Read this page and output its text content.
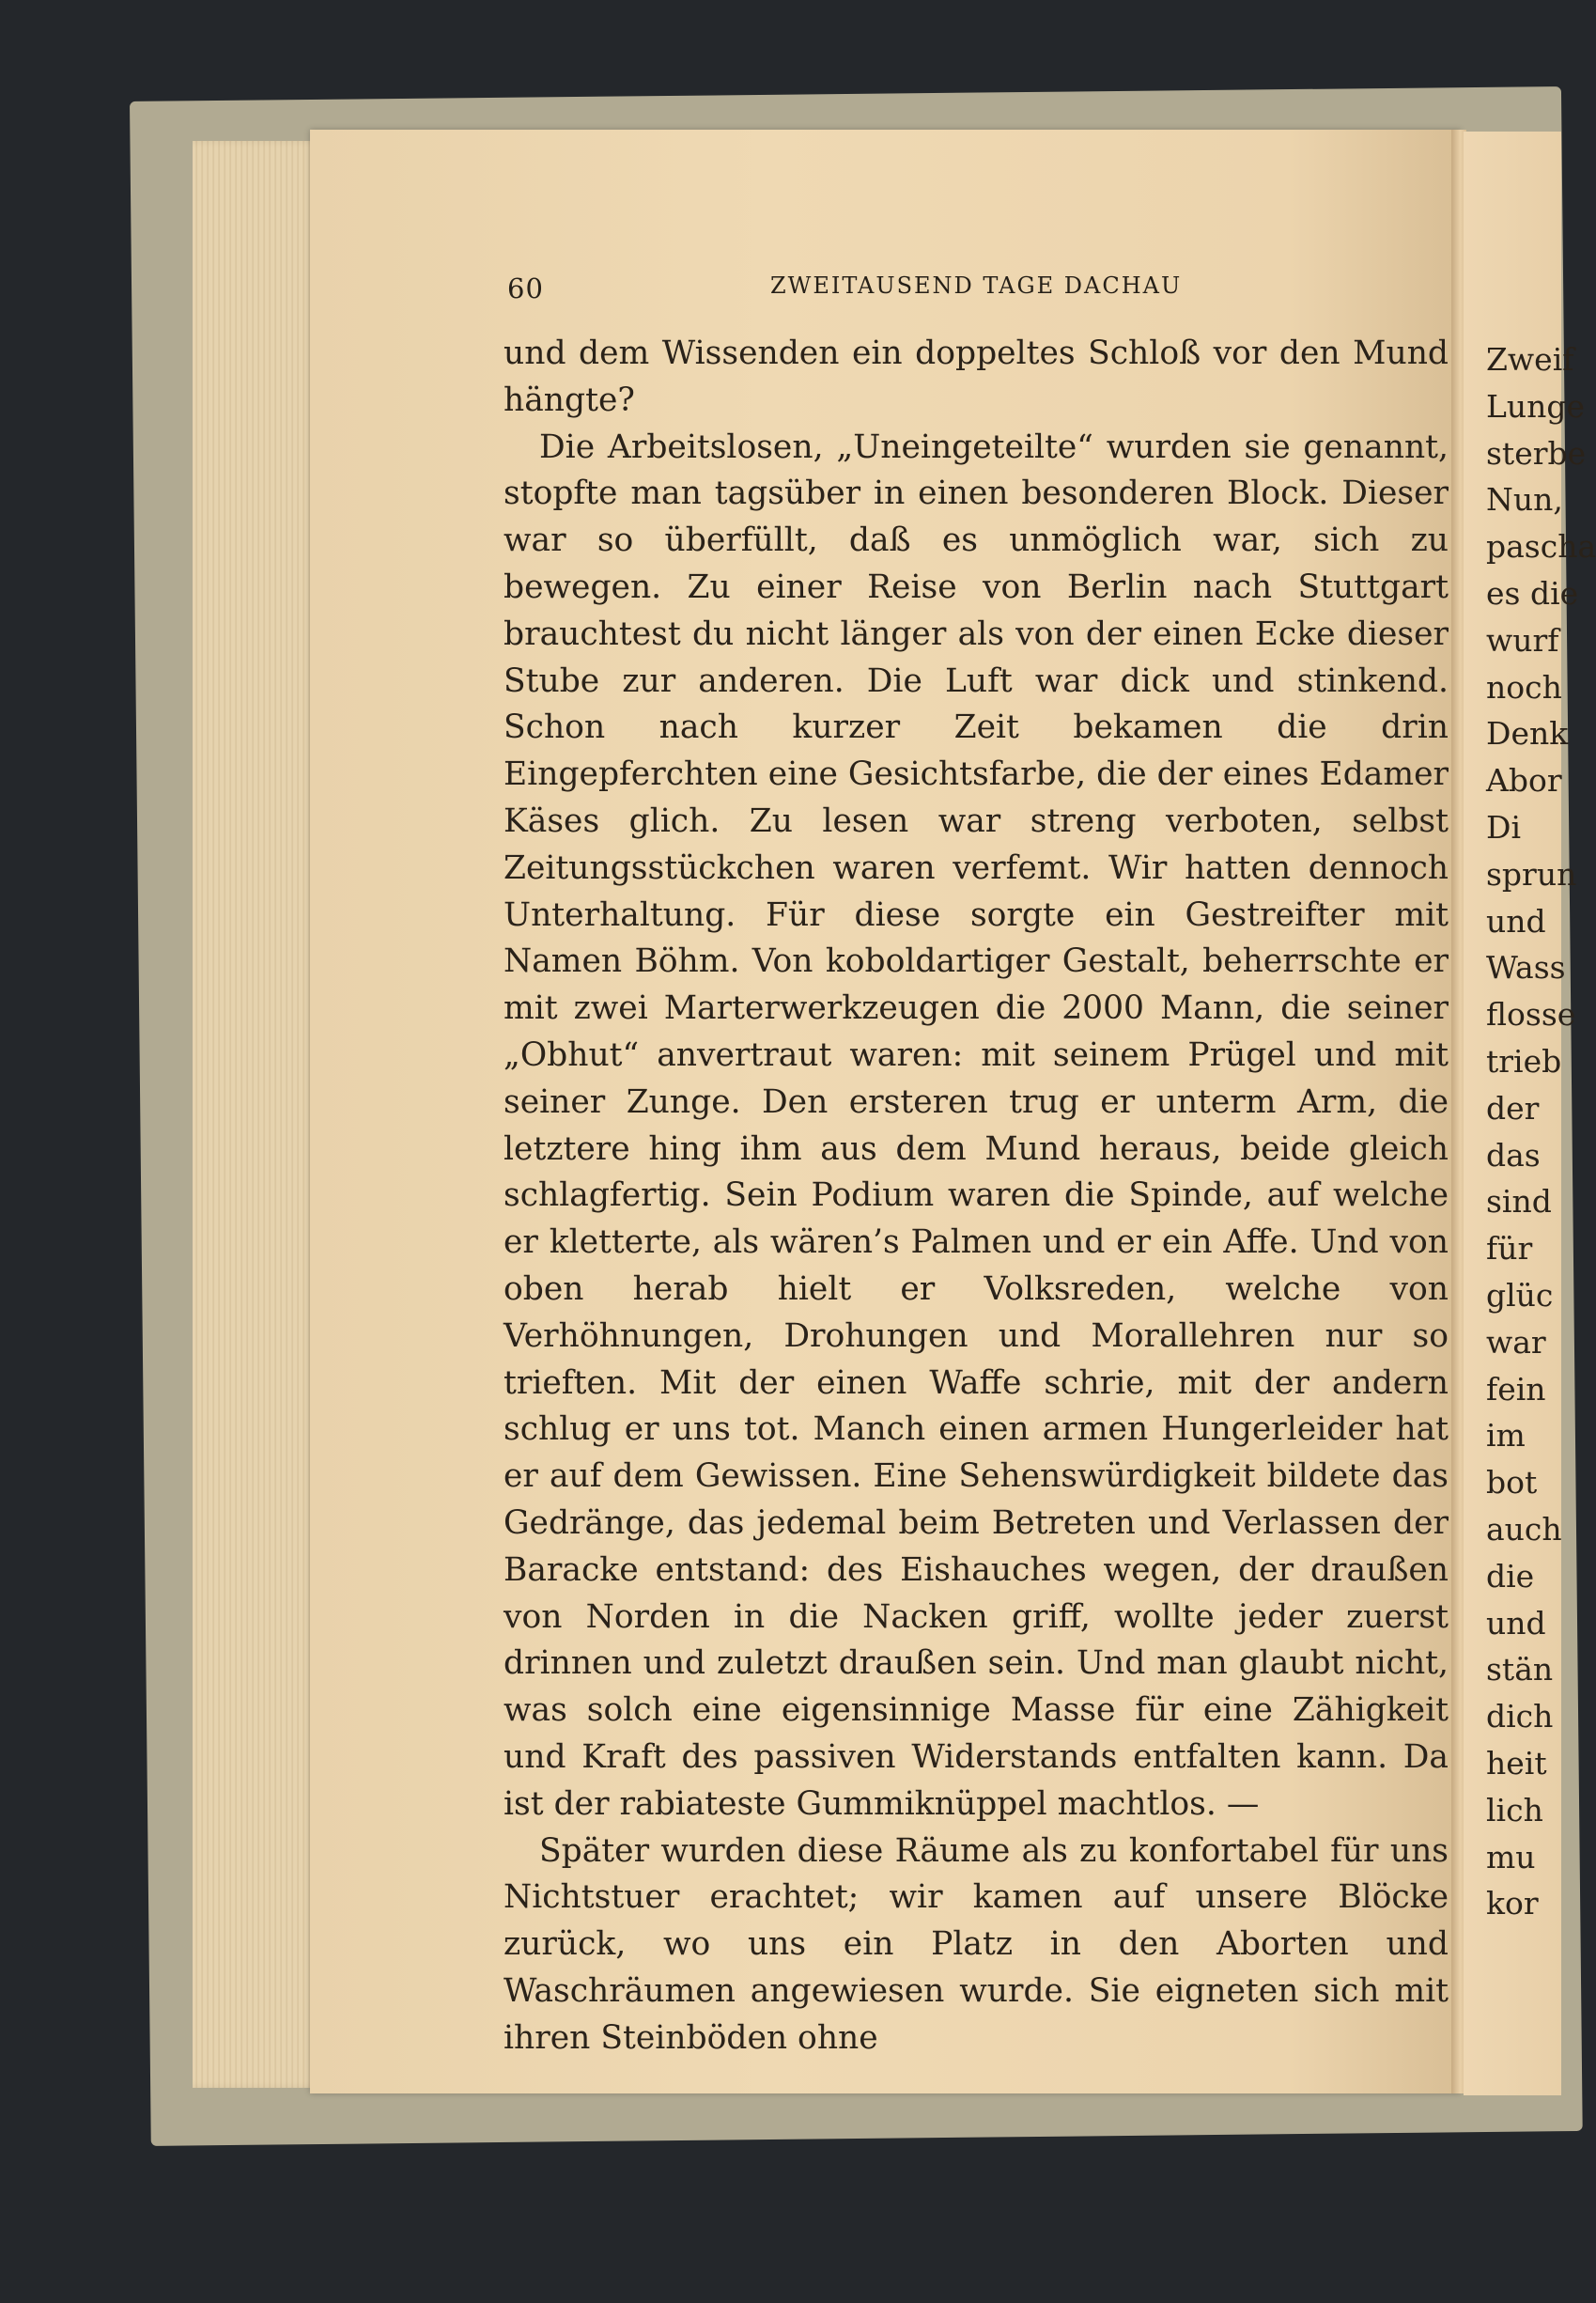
Zweif
Lunge
sterbe
Nun,
pascha
es die
wurf
noch
Denk
Abor
Di
sprun
und
Wass
flosse
trieb
der
das
sind
für
glüc
war
fein
im
bot
auch
die
und
stän
dich
heit
lich
mu
kor
60	ZWEITAUSEND TAGE DACHAU

und dem Wissenden ein doppeltes Schloß vor den Mund hängte?

Die Arbeitslosen, „Uneingeteilte“ wurden sie genannt, stopfte man tagsüber in einen besonderen Block. Dieser war so überfüllt, daß es unmöglich war, sich zu bewegen. Zu einer Reise von Berlin nach Stuttgart brauchtest du nicht länger als von der einen Ecke dieser Stube zur anderen. Die Luft war dick und stinkend. Schon nach kurzer Zeit bekamen die drin Eingepferchten eine Gesichtsfarbe, die der eines Edamer Käses glich. Zu lesen war streng verboten, selbst Zeitungsstückchen waren verfemt. Wir hatten dennoch Unterhaltung. Für diese sorgte ein Gestreifter mit Namen Böhm. Von koboldartiger Gestalt, beherrschte er mit zwei Marterwerkzeugen die 2000 Mann, die seiner „Obhut“ anvertraut waren: mit seinem Prügel und mit seiner Zunge. Den ersteren trug er unterm Arm, die letztere hing ihm aus dem Mund heraus, beide gleich schlagfertig. Sein Podium waren die Spinde, auf welche er kletterte, als wären’s Palmen und er ein Affe. Und von oben herab hielt er Volksreden, welche von Verhöhnungen, Drohungen und Morallehren nur so trieften. Mit der einen Waffe schrie, mit der andern schlug er uns tot. Manch einen armen Hungerleider hat er auf dem Gewissen. Eine Sehenswürdigkeit bildete das Gedränge, das jedemal beim Betreten und Verlassen der Baracke entstand: des Eishauches wegen, der draußen von Norden in die Nacken griff, wollte jeder zuerst drinnen und zuletzt draußen sein. Und man glaubt nicht, was solch eine eigensinnige Masse für eine Zähigkeit und Kraft des passiven Widerstands entfalten kann. Da ist der rabiateste Gummiknüppel machtlos. —

Später wurden diese Räume als zu konfortabel für uns Nichtstuer erachtet; wir kamen auf unsere Blöcke zurück, wo uns ein Platz in den Aborten und Waschräumen angewiesen wurde. Sie eigneten sich mit ihren Steinböden ohne
